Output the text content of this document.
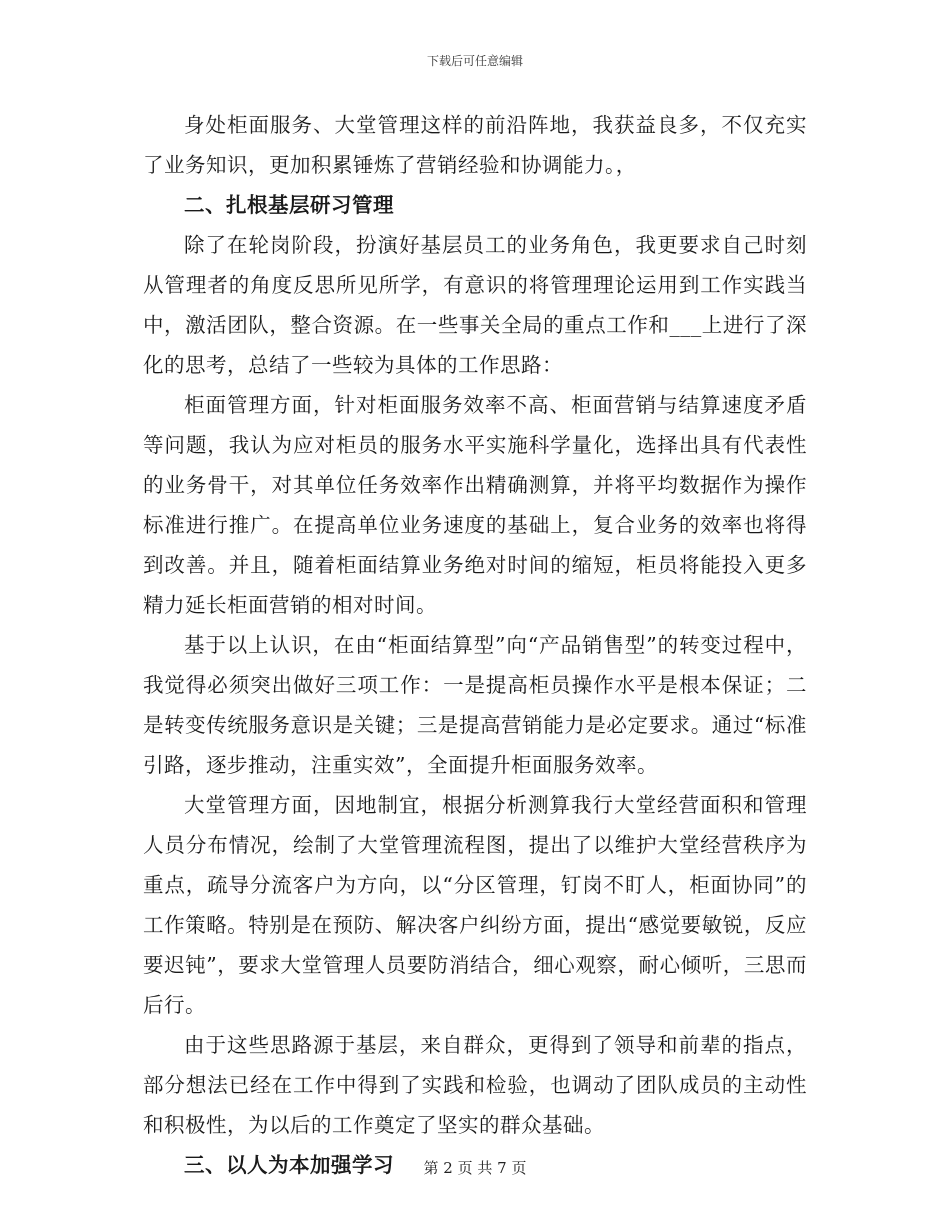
下载后可任意编辑

身处柜面服务、大堂管理这样的前沿阵地，我获益良多，不仅充实了业务知识，更加积累锤炼了营销经验和协调能力。，

二、扎根基层研习管理

除了在轮岗阶段，扮演好基层员工的业务角色，我更要求自己时刻从管理者的角度反思所见所学，有意识的将管理理论运用到工作实践当中，激活团队，整合资源。在一些事关全局的重点工作和___上进行了深化的思考，总结了一些较为具体的工作思路：

柜面管理方面，针对柜面服务效率不高、柜面营销与结算速度矛盾等问题，我认为应对柜员的服务水平实施科学量化，选择出具有代表性的业务骨干，对其单位任务效率作出精确测算，并将平均数据作为操作标准进行推广。在提高单位业务速度的基础上，复合业务的效率也将得到改善。并且，随着柜面结算业务绝对时间的缩短，柜员将能投入更多精力延长柜面营销的相对时间。

基于以上认识，在由“柜面结算型”向“产品销售型”的转变过程中，我觉得必须突出做好三项工作：一是提高柜员操作水平是根本保证；二是转变传统服务意识是关键；三是提高营销能力是必定要求。通过“标准引路，逐步推动，注重实效”，全面提升柜面服务效率。

大堂管理方面，因地制宜，根据分析测算我行大堂经营面积和管理人员分布情况，绘制了大堂管理流程图，提出了以维护大堂经营秩序为重点，疏导分流客户为方向，以“分区管理，钉岗不盯人，柜面协同”的工作策略。特别是在预防、解决客户纠纷方面，提出“感觉要敏锐，反应要迟钝”，要求大堂管理人员要防消结合，细心观察，耐心倾听，三思而后行。

由于这些思路源于基层，来自群众，更得到了领导和前辈的指点，部分想法已经在工作中得到了实践和检验，也调动了团队成员的主动性和积极性，为以后的工作奠定了坚实的群众基础。

三、以人为本加强学习	第 2 页 共 7 页
